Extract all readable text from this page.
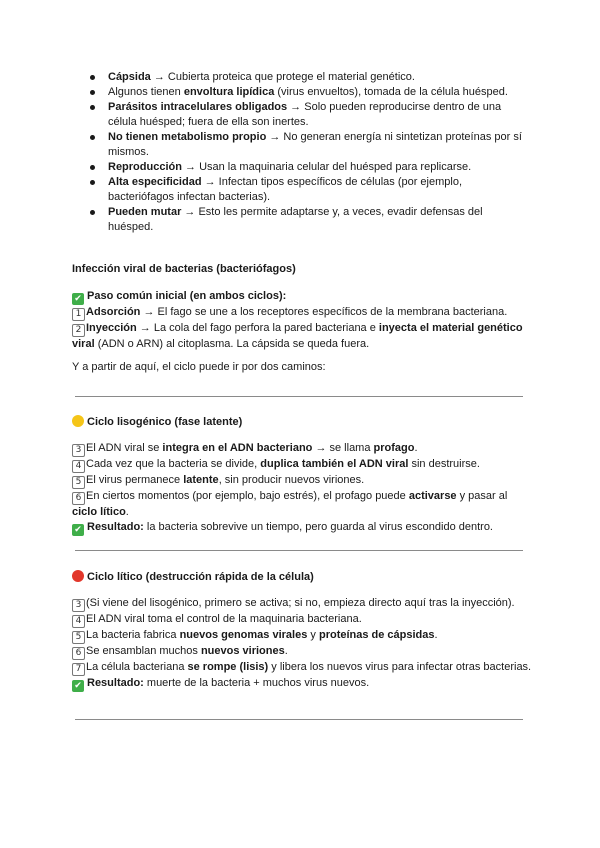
Cápsida → Cubierta proteica que protege el material genético.
Algunos tienen envoltura lipídica (virus envueltos), tomada de la célula huésped.
Parásitos intracelulares obligados → Solo pueden reproducirse dentro de una célula huésped; fuera de ella son inertes.
No tienen metabolismo propio → No generan energía ni sintetizan proteínas por sí mismos.
Reproducción → Usan la maquinaria celular del huésped para replicarse.
Alta especificidad → Infectan tipos específicos de células (por ejemplo, bacteriófagos infectan bacterias).
Pueden mutar → Esto les permite adaptarse y, a veces, evadir defensas del huésped.
Infección viral de bacterias (bacteriófagos)
✔ Paso común inicial (en ambos ciclos):
1 Adsorción → El fago se une a los receptores específicos de la membrana bacteriana.
2 Inyección → La cola del fago perfora la pared bacteriana e inyecta el material genético viral (ADN o ARN) al citoplasma. La cápsida se queda fuera.
Y a partir de aquí, el ciclo puede ir por dos caminos:
Ciclo lisogénico (fase latente)
3 El ADN viral se integra en el ADN bacteriano → se llama profago.
4 Cada vez que la bacteria se divide, duplica también el ADN viral sin destruirse.
5 El virus permanece latente, sin producir nuevos viriones.
6 En ciertos momentos (por ejemplo, bajo estrés), el profago puede activarse y pasar al ciclo lítico.
✔ Resultado: la bacteria sobrevive un tiempo, pero guarda al virus escondido dentro.
Ciclo lítico (destrucción rápida de la célula)
3 (Si viene del lisogénico, primero se activa; si no, empieza directo aquí tras la inyección).
4 El ADN viral toma el control de la maquinaria bacteriana.
5 La bacteria fabrica nuevos genomas virales y proteínas de cápsidas.
6 Se ensamblan muchos nuevos viriones.
7 La célula bacteriana se rompe (lisis) y libera los nuevos virus para infectar otras bacterias.
✔ Resultado: muerte de la bacteria + muchos virus nuevos.
